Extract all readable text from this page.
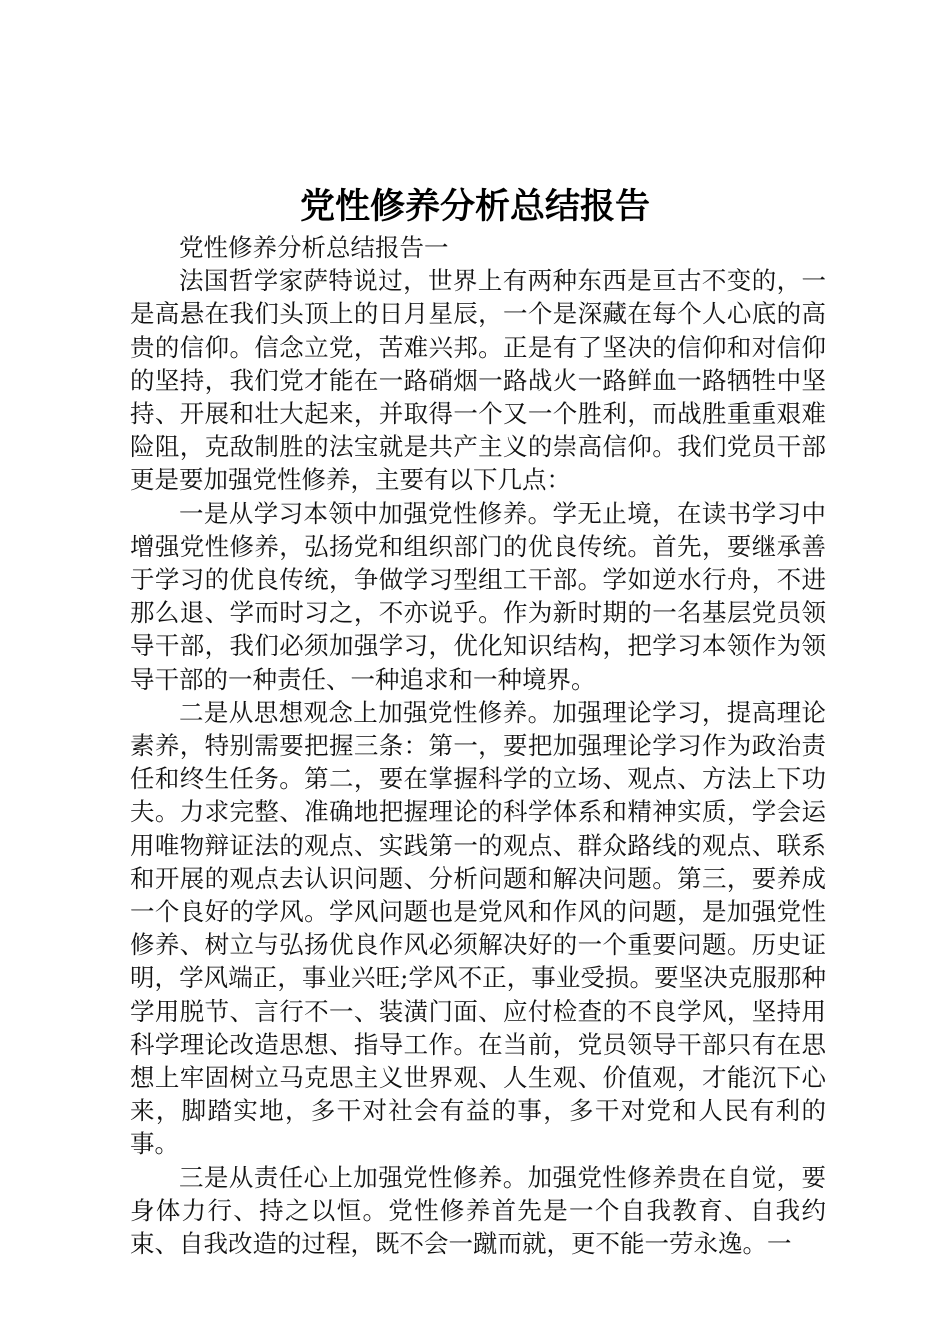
党性修养分析总结报告

党性修养分析总结报告一

法国哲学家萨特说过，世界上有两种东西是亘古不变的，一是高悬在我们头顶上的日月星辰，一个是深藏在每个人心底的高贵的信仰。信念立党，苦难兴邦。正是有了坚决的信仰和对信仰的坚持，我们党才能在一路硝烟一路战火一路鲜血一路牺牲中坚持、开展和壮大起来，并取得一个又一个胜利，而战胜重重艰难险阻，克敌制胜的法宝就是共产主义的崇高信仰。我们党员干部更是要加强党性修养，主要有以下几点：

一是从学习本领中加强党性修养。学无止境，在读书学习中增强党性修养，弘扬党和组织部门的优良传统。首先，要继承善于学习的优良传统，争做学习型组工干部。学如逆水行舟，不进那么退、学而时习之，不亦说乎。作为新时期的一名基层党员领导干部，我们必须加强学习，优化知识结构，把学习本领作为领导干部的一种责任、一种追求和一种境界。

二是从思想观念上加强党性修养。加强理论学习，提高理论素养，特别需要把握三条：第一，要把加强理论学习作为政治责任和终生任务。第二，要在掌握科学的立场、观点、方法上下功夫。力求完整、准确地把握理论的科学体系和精神实质，学会运用唯物辩证法的观点、实践第一的观点、群众路线的观点、联系和开展的观点去认识问题、分析问题和解决问题。第三，要养成一个良好的学风。学风问题也是党风和作风的问题，是加强党性修养、树立与弘扬优良作风必须解决好的一个重要问题。历史证明，学风端正，事业兴旺;学风不正，事业受损。要坚决克服那种学用脱节、言行不一、装潢门面、应付检查的不良学风，坚持用科学理论改造思想、指导工作。在当前，党员领导干部只有在思想上牢固树立马克思主义世界观、人生观、价值观，才能沉下心来，脚踏实地，多干对社会有益的事，多干对党和人民有利的事。

三是从责任心上加强党性修养。加强党性修养贵在自觉，要身体力行、持之以恒。党性修养首先是一个自我教育、自我约束、自我改造的过程，既不会一蹴而就，更不能一劳永逸。一
